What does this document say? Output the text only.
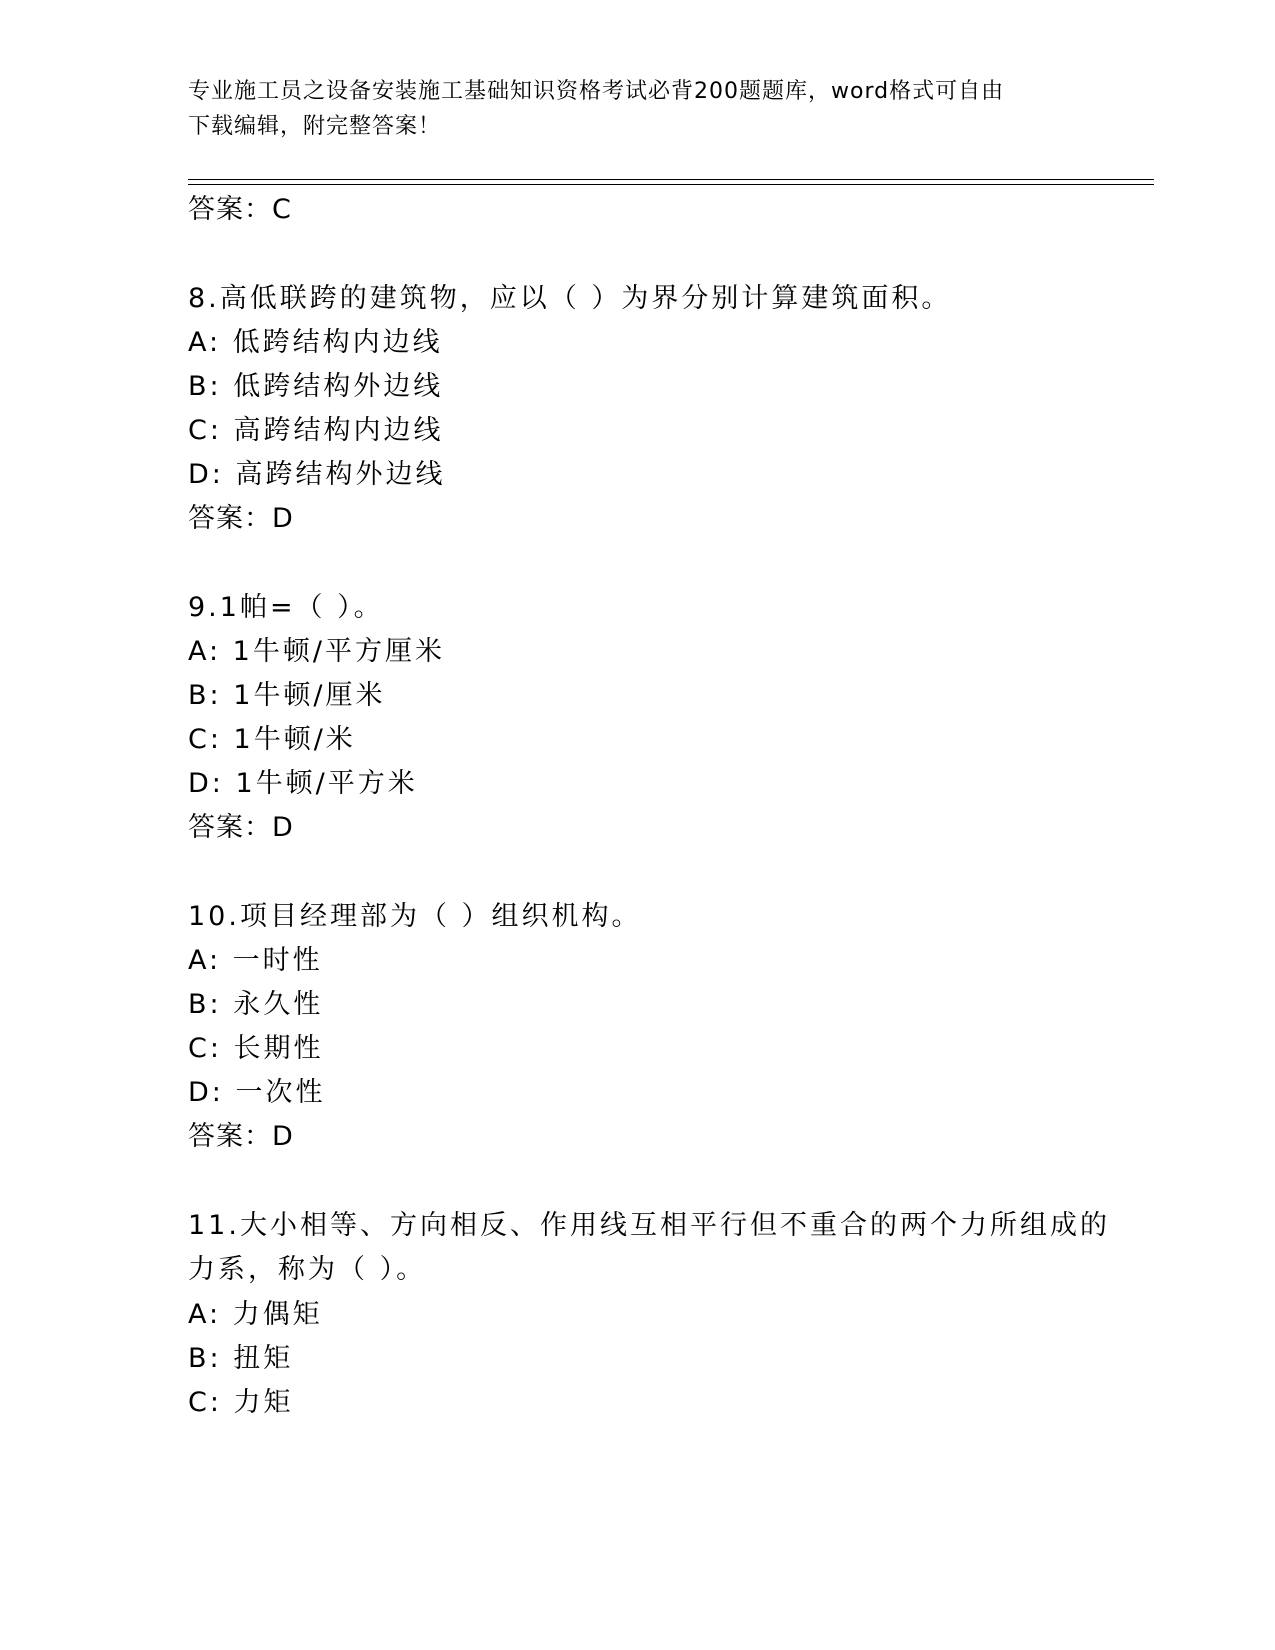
专业施工员之设备安装施工基础知识资格考试必背200题题库，word格式可自由
下载编辑，附完整答案！
答案：C
8.高低联跨的建筑物，应以（ ）为界分别计算建筑面积。
A: 低跨结构内边线
B: 低跨结构外边线
C: 高跨结构内边线
D: 高跨结构外边线
答案：D
9.1帕=（ ）。
A: 1牛顿/平方厘米
B: 1牛顿/厘米
C: 1牛顿/米
D: 1牛顿/平方米
答案：D
10.项目经理部为（ ）组织机构。
A: 一时性
B: 永久性
C: 长期性
D: 一次性
答案：D
11.大小相等、方向相反、作用线互相平行但不重合的两个力所组成的
力系，称为（ ）。
A: 力偶矩
B: 扭矩
C: 力矩
